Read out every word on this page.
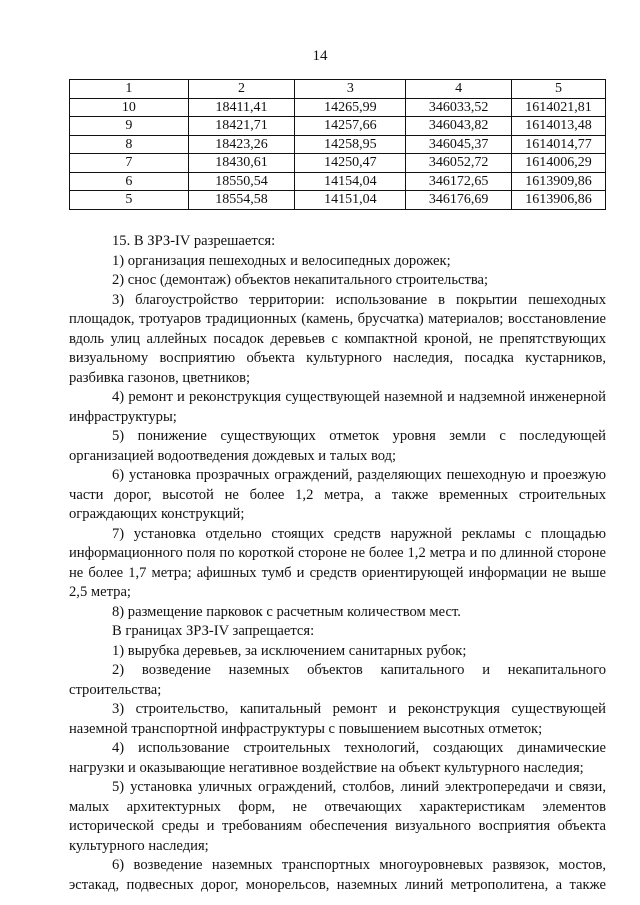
14
1	2	3	4	5
10	18411,41	14265,99	346033,52	1614021,81
9	18421,71	14257,66	346043,82	1614013,48
8	18423,26	14258,95	346045,37	1614014,77
7	18430,61	14250,47	346052,72	1614006,29
6	18550,54	14154,04	346172,65	1613909,86
5	18554,58	14151,04	346176,69	1613906,86

15. В ЗРЗ-IV разрешается:

1) организация пешеходных и велосипедных дорожек;

2) снос (демонтаж) объектов некапитального строительства;

3) благоустройство территории: использование в покрытии пешеходных площадок, тротуаров традиционных (камень, брусчатка) материалов; восстановление вдоль улиц аллейных посадок деревьев с компактной кроной, не препятствующих визуальному восприятию объекта культурного наследия, посадка кустарников, разбивка газонов, цветников;

4) ремонт и реконструкция существующей наземной и надземной инженерной инфраструктуры;

5) понижение существующих отметок уровня земли с последующей организацией водоотведения дождевых и талых вод;

6) установка прозрачных ограждений, разделяющих пешеходную и проезжую части дорог, высотой не более 1,2 метра, а также временных строительных ограждающих конструкций;

7) установка отдельно стоящих средств наружной рекламы с площадью информационного поля по короткой стороне не более 1,2 метра и по длинной стороне не более 1,7 метра; афишных тумб и средств ориентирующей информации не выше 2,5 метра;

8) размещение парковок с расчетным количеством мест.

В границах ЗРЗ-IV запрещается:

1) вырубка деревьев, за исключением санитарных рубок;

2) возведение наземных объектов капитального и некапитального строительства;

3) строительство, капитальный ремонт и реконструкция существующей наземной транспортной инфраструктуры с повышением высотных отметок;

4) использование строительных технологий, создающих динамические нагрузки и оказывающие негативное воздействие на объект культурного наследия;

5) установка уличных ограждений, столбов, линий электропередачи и связи, малых архитектурных форм, не отвечающих характеристикам элементов исторической среды и требованиям обеспечения визуального восприятия объекта культурного наследия;

6) возведение наземных транспортных многоуровневых развязок, мостов, эстакад, подвесных дорог, монорельсов, наземных линий метрополитена, а также
